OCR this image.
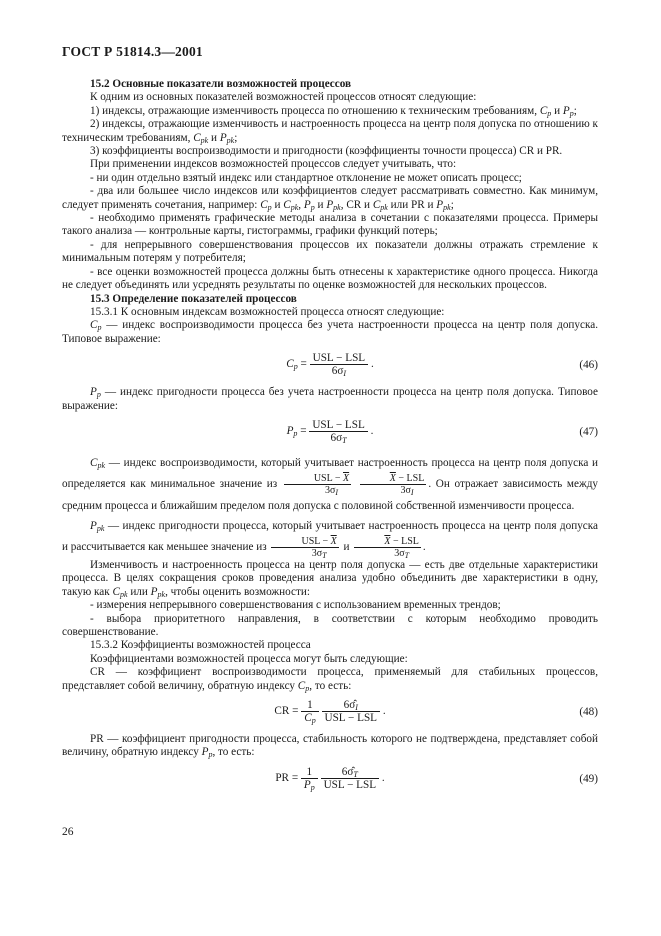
ГОСТ Р 51814.3—2001

15.2 Основные показатели возможностей процессов

К одним из основных показателей возможностей процессов относят следующие:

1) индексы, отражающие изменчивость процесса по отношению к техническим требованиям, $C_p$ и $P_p$;

2) индексы, отражающие изменчивость и настроенность процесса на центр поля допуска по отношению к техническим требованиям, $C_{pk}$ и $P_{pk}$;

3) коэффициенты воспроизводимости и пригодности (коэффициенты точности процесса) CR и PR.

При применении индексов возможностей процессов следует учитывать, что:

- ни один отдельно взятый индекс или стандартное отклонение не может описать процесс;

- два или большее число индексов или коэффициентов следует рассматривать совместно. Как минимум, следует применять сочетания, например: $C_p$ и $C_{pk}$, $P_p$ и $P_{pk}$, CR и $C_{pk}$ или PR и $P_{pk}$;

- необходимо применять графические методы анализа в сочетании с показателями процесса. Примеры такого анализа — контрольные карты, гистограммы, графики функций потерь;

- для непрерывного совершенствования процессов их показатели должны отражать стремление к минимальным потерям у потребителя;

- все оценки возможностей процесса должны быть отнесены к характеристике одного процесса. Никогда не следует объединять или усреднять результаты по оценке возможностей для нескольких процессов.

15.3 Определение показателей процессов

15.3.1 К основным индексам возможностей процесса относят следующие:

$C_p$ — индекс воспроизводимости процесса без учета настроенности процесса на центр поля допуска. Типовое выражение:

$C_p = \frac{\text{USL − LSL}}{6\sigma_I}$ .	(46)

$P_p$ — индекс пригодности процесса без учета настроенности процесса на центр поля допуска. Типовое выражение:

$P_p = \frac{\text{USL − LSL}}{6\sigma_T}$ .	(47)

$C_{pk}$ — индекс воспроизводимости, который учитывает настроенность процесса на центр поля допуска и определяется как минимальное значение из $\frac{USL - \overline{X}}{3\sigma_I}$
$\frac{\overline{X} - LSL}{3\sigma_I}$ . Он отражает зависимость между средним процесса и ближайшим пределом поля допуска с половиной собственной изменчивости процесса.

$P_{pk}$ — индекс пригодности процесса, который учитывает настроенность процесса на центр поля допуска и рассчитывается как меньшее значение из $\frac{USL - \overline{X}}{3\sigma_T}$ и $\frac{\overline{X} - LSL}{3\sigma_T}$ .

Изменчивость и настроенность процесса на центр поля допуска — есть две отдельные характеристики процесса. В целях сокращения сроков проведения анализа удобно объединить две характеристики в одну, такую как $C_{pk}$ или $P_{pk}$, чтобы оценить возможности:

- измерения непрерывного совершенствования с использованием временных трендов;

- выбора приоритетного направления, в соответствии с которым необходимо проводить совершенствование.

15.3.2 Коэффициенты возможностей процесса

Коэффициентами возможностей процесса могут быть следующие:

CR — коэффициент воспроизводимости процесса, применяемый для стабильных процессов, представляет собой величину, обратную индексу $C_p$, то есть:

CR = $\frac{1}{C_p}$
$\frac{6\sigmâ_I}{\text{USL − LSL}}$ .	(48)

PR — коэффициент пригодности процесса, стабильность которого не подтверждена, представляет собой величину, обратную индексу $P_p$, то есть:

PR = $\frac{1}{P_p}$
$\frac{6\sigmâ_T}{\text{USL − LSL}}$ .	(49)
26
